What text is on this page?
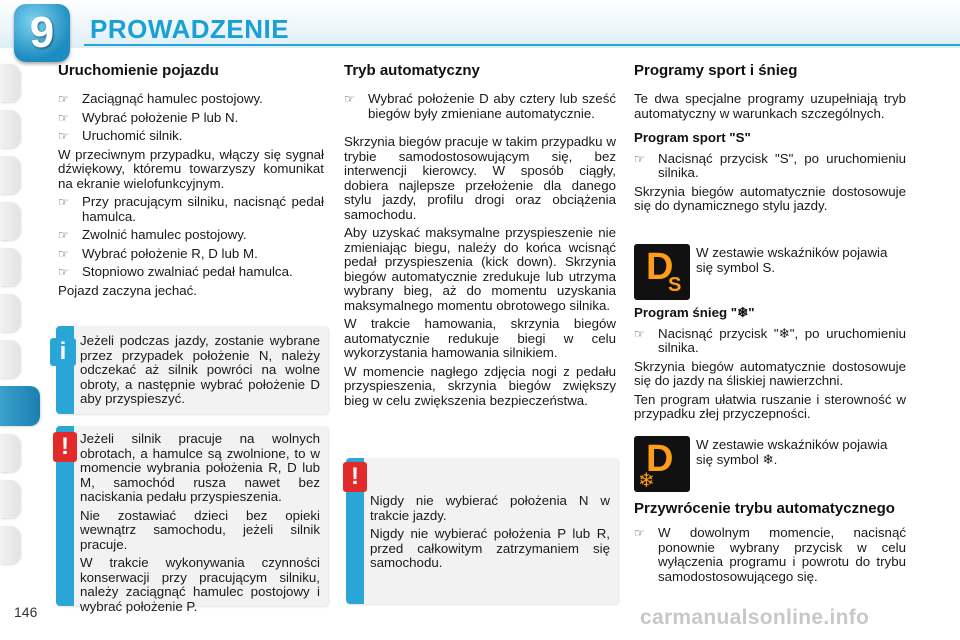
9	PROWADZENIE
Uruchomienie pojazdu
☞ Zaciągnąć hamulec postojowy.
☞ Wybrać położenie P lub N.
☞ Uruchomić silnik.

W przeciwnym przypadku, włączy się sygnał dźwiękowy, któremu towarzyszy komunikat na ekranie wielofunkcyjnym.

☞ Przy pracującym silniku, nacisnąć pedał hamulca.
☞ Zwolnić hamulec postojowy.
☞ Wybrać położenie R, D lub M.
☞ Stopniowo zwalniać pedał hamulca.

Pojazd zaczyna jechać.

i	Jeżeli podczas jazdy, zostanie wybrane przez przypadek położenie N, należy odczekać aż silnik powróci na wolne obroty, a następnie wybrać położenie D aby przyspieszyć.

! Jeżeli silnik pracuje na wolnych obrotach, a hamulce są zwolnione, to w momencie wybrania położenia R, D lub M, samochód rusza nawet bez naciskania pedału przyspieszenia.

Nie zostawiać dzieci bez opieki wewnątrz samochodu, jeżeli silnik pracuje.

W trakcie wykonywania czynności konserwacji przy pracującym silniku, należy zaciągnąć hamulec postojowy i wybrać położenie P.

Tryb automatyczny
☞ Wybrać położenie D aby cztery lub sześć biegów były zmieniane automatycznie.

Skrzynia biegów pracuje w takim przypadku w trybie samodostosowującym się, bez interwencji kierowcy. W sposób ciągły, dobiera najlepsze przełożenie dla danego stylu jazdy, profilu drogi oraz obciążenia samochodu.

Aby uzyskać maksymalne przyspieszenie nie zmieniając biegu, należy do końca wcisnąć pedał przyspieszenia (kick down). Skrzynia biegów automatycznie zredukuje lub utrzyma wybrany bieg, aż do momentu uzyskania maksymalnego momentu obrotowego silnika.

W trakcie hamowania, skrzynia biegów automatycznie redukuje biegi w celu wykorzystania hamowania silnikiem.

W momencie nagłego zdjęcia nogi z pedału przyspieszenia, skrzynia biegów zwiększy bieg w celu zwiększenia bezpieczeństwa.

!

Nigdy nie wybierać położenia N w trakcie jazdy.

Nigdy nie wybierać położenia P lub R, przed całkowitym zatrzymaniem się samochodu.

Programy sport i śnieg

Te dwa specjalne programy uzupełniają tryb automatyczny w warunkach szczególnych.

Program sport "S"
☞ Nacisnąć przycisk "S", po uruchomieniu silnika.

Skrzynia biegów automatycznie dostosowuje się do dynamicznego stylu jazdy.

D
S
W zestawie wskaźników pojawia się symbol S.
Program śnieg "❄"
☞ Nacisnąć przycisk "❄", po uruchomieniu silnika.

Skrzynia biegów automatycznie dostosowuje się do jazdy na śliskiej nawierzchni.

Ten program ułatwia ruszanie i sterowność w przypadku złej przyczepności.

D
❄
W zestawie wskaźników pojawia się symbol ❄.
Przywrócenie trybu automatycznego
☞ W dowolnym momencie, nacisnąć ponownie wybrany przycisk w celu wyłączenia programu i powrotu do trybu samodostosowującego się.
146	carmanualsonline.info
